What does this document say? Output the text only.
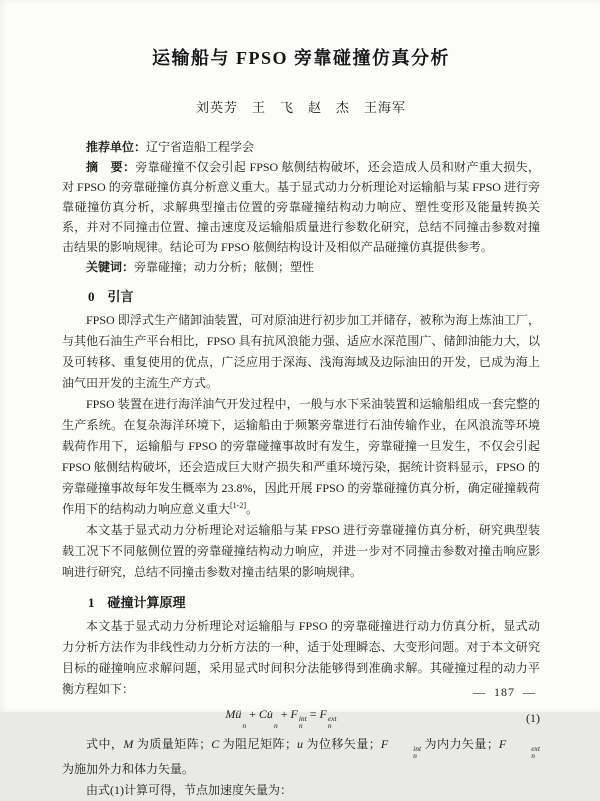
运输船与 FPSO 旁靠碰撞仿真分析
刘英芳　王　飞　赵　杰　王海军

推荐单位：辽宁省造船工程学会

摘　要：旁靠碰撞不仅会引起 FPSO 舷侧结构破坏，还会造成人员和财产重大损失，对 FPSO 的旁靠碰撞仿真分析意义重大。基于显式动力分析理论对运输船与某 FPSO 进行旁靠碰撞仿真分析，求解典型撞击位置的旁靠碰撞结构动力响应、塑性变形及能量转换关系，并对不同撞击位置、撞击速度及运输船质量进行参数化研究，总结不同撞击参数对撞击结果的影响规律。结论可为 FPSO 舷侧结构设计及相似产品碰撞仿真提供参考。

关键词：旁靠碰撞；动力分析；舷侧；塑性

0　引言

FPSO 即浮式生产储卸油装置，可对原油进行初步加工并储存，被称为海上炼油工厂，与其他石油生产平台相比，FPSO 具有抗风浪能力强、适应水深范围广、储卸油能力大，以及可转移、重复使用的优点，广泛应用于深海、浅海海域及边际油田的开发，已成为海上油气田开发的主流生产方式。

FPSO 装置在进行海洋油气开发过程中，一般与水下采油装置和运输船组成一套完整的生产系统。在复杂海洋环境下，运输船由于频繁旁靠进行石油传输作业，在风浪流等环境载荷作用下，运输船与 FPSO 的旁靠碰撞事故时有发生，旁靠碰撞一旦发生，不仅会引起 FPSO 舷侧结构破坏，还会造成巨大财产损失和严重环境污染，据统计资料显示，FPSO 的旁靠碰撞事故每年发生概率为 23.8%，因此开展 FPSO 的旁靠碰撞仿真分析，确定碰撞载荷作用下的结构动力响应意义重大[1-2]。

本文基于显式动力分析理论对运输船与某 FPSO 进行旁靠碰撞仿真分析，研究典型装载工况下不同舷侧位置的旁靠碰撞结构动力响应，并进一步对不同撞击参数对撞击响应影响进行研究，总结不同撞击参数对撞击结果的影响规律。

1　碰撞计算原理

本文基于显式动力分析理论对运输船与 FPSO 的旁靠碰撞进行动力仿真分析，显式动力分析方法作为非线性动力分析方法的一种，适于处理瞬态、大变形问题。对于本文研究目标的碰撞响应求解问题，采用显式时间积分法能够得到准确求解。其碰撞过程的动力平衡方程如下：

Mü

n
+ Cu̇

n
+ F int
n
= F ext
n
(1)

式中，M 为质量矩阵；C 为阻尼矩阵；u 为位移矢量；F	int
n
为内力矢量；F	ext
n
为施加外力和体力矢量。

由式(1)计算可得，节点加速度矢量为：

—  187  —
